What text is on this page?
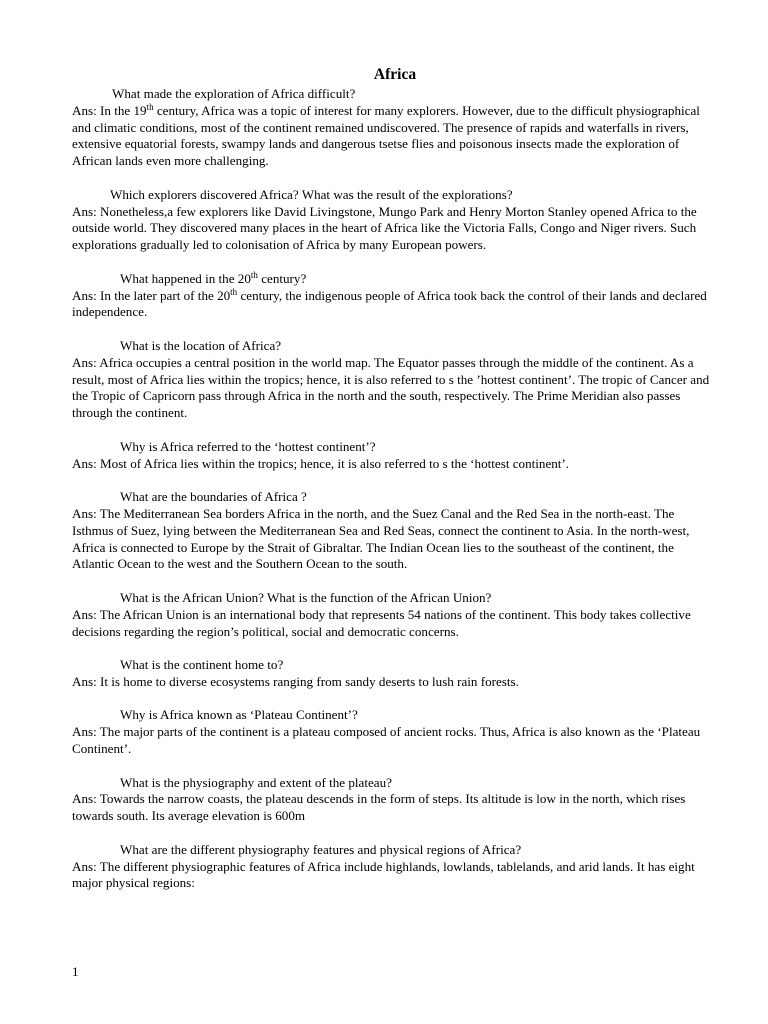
Africa
What made the exploration of Africa difficult?
Ans: In the 19th century, Africa was a topic of interest for many explorers. However, due to the difficult physiographical and climatic conditions, most of the continent remained undiscovered. The presence of rapids and waterfalls in rivers, extensive equatorial forests, swampy lands and dangerous tsetse flies and poisonous insects made the exploration of African lands even more challenging.
Which explorers discovered Africa? What was the result of the explorations?
Ans: Nonetheless,a few explorers like David Livingstone, Mungo Park and Henry Morton Stanley opened Africa to the outside world. They discovered many places in the heart of Africa like the Victoria Falls, Congo and Niger rivers. Such explorations gradually led to colonisation of Africa by many European powers.
What happened in the 20th century?
Ans: In the later part of the 20th century, the indigenous people of Africa took back the control of their lands and declared independence.
What is the location of Africa?
Ans: Africa occupies a central position in the world map. The Equator passes through the middle of the continent. As a result, most of Africa lies within the tropics; hence, it is also referred to s the ’hottest continent’. The tropic of Cancer and the Tropic of Capricorn pass through Africa in the north and the south, respectively. The Prime Meridian also passes through the continent.
Why is Africa referred to the ‘hottest continent’?
Ans: Most of Africa lies within the tropics; hence, it is also referred to s the ‘hottest continent’.
What are the boundaries of Africa ?
Ans: The Mediterranean Sea borders Africa in the north, and the Suez Canal and the Red Sea in the north-east. The Isthmus of Suez, lying between the Mediterranean Sea and Red Seas, connect the continent to Asia. In the north-west, Africa is connected to Europe by the Strait of Gibraltar. The Indian Ocean lies to the southeast of the continent, the Atlantic Ocean to the west and the Southern Ocean to the south.
What is the African Union? What is the function of the African Union?
Ans: The African Union is an international body that represents 54 nations of the continent. This body takes collective decisions regarding the region’s political, social and democratic concerns.
What is the continent home to?
Ans: It is home to diverse ecosystems ranging from sandy deserts to lush rain forests.
Why is Africa known as ‘Plateau Continent’?
Ans: The major parts of the continent is a plateau composed of ancient rocks. Thus, Africa is also known as the ‘Plateau Continent’.
What is the physiography and extent of the plateau?
Ans: Towards the narrow coasts, the plateau descends in the form of steps. Its altitude is low in the north, which rises towards south. Its average elevation is 600m
What are the different physiography features and physical regions of Africa?
Ans: The different physiographic features of Africa include highlands, lowlands, tablelands, and arid lands. It has eight major physical regions:
1
